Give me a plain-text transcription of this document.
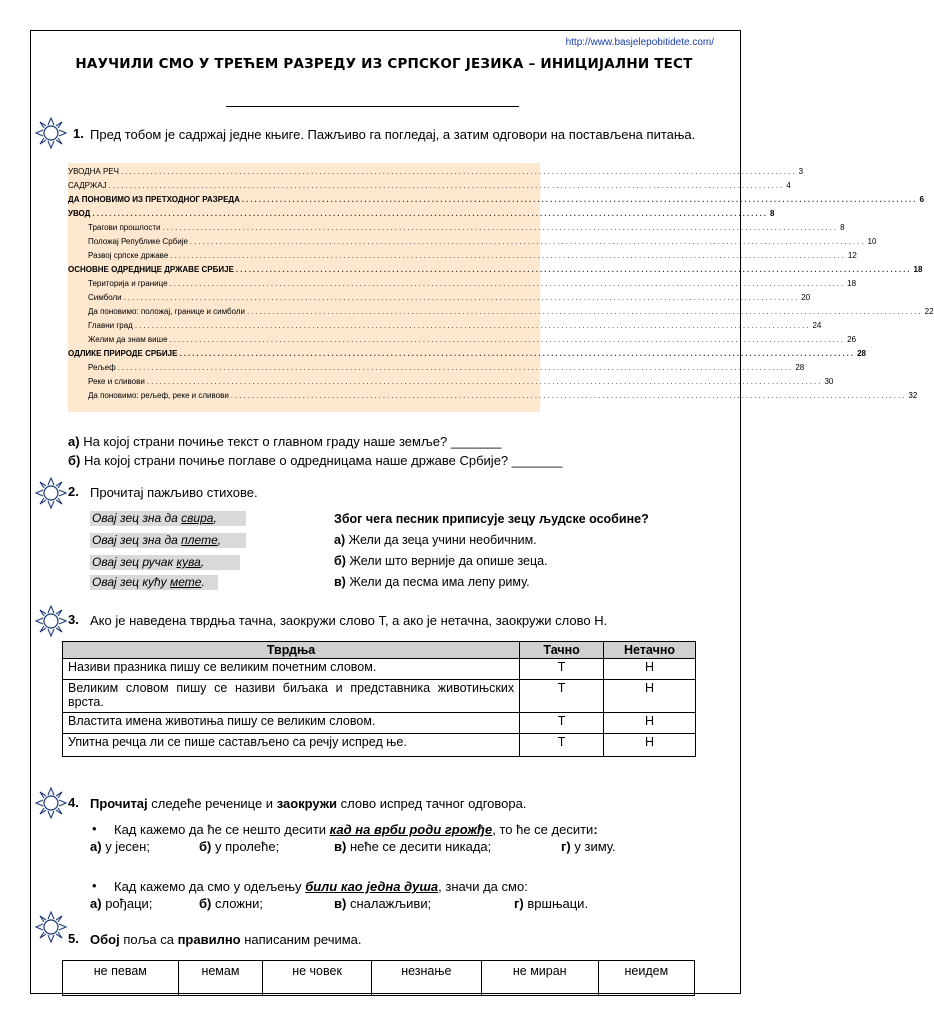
http://www.basjelepobitidete.com/
НАУЧИЛИ СМО У ТРЕЋЕМ РАЗРЕДУ ИЗ СРПСКОГ ЈЕЗИКА – ИНИЦИЈАЛНИ ТЕСТ
1. Пред тобом је садржај једне књиге. Пажљиво га погледај, а затим одговори на постављена питања.
УВОДНА РЕЧ ................................................................................................................................................................ 3
САДРЖАЈ ................................................................................................................................................................ 4
ДА ПОНОВИМО ИЗ ПРЕТХОДНОГ РАЗРЕДА ................................................................................................................................................................ 6
УВОД ................................................................................................................................................................ 8
Трагови прошлости ................................................................................................................................................................ 8
Положај Републике Србије ................................................................................................................................................................ 10
Развој српске државе ................................................................................................................................................................ 12
ОСНОВНЕ ОДРЕДНИЦЕ ДРЖАВЕ СРБИЈЕ ................................................................................................................................................................ 18
Територија и границе ................................................................................................................................................................ 18
Симболи ................................................................................................................................................................ 20
Да поновимо: положај, границе и симболи ................................................................................................................................................................ 22
Главни град ................................................................................................................................................................ 24
Желим да знам више ................................................................................................................................................................ 26
ОДЛИКЕ ПРИРОДЕ СРБИЈЕ ................................................................................................................................................................ 28
Рељеф ................................................................................................................................................................ 28
Реке и сливови ................................................................................................................................................................ 30
Да поновимо: рељеф, реке и сливови ................................................................................................................................................................ 32
а) На којој страни почиње текст о главном граду наше земље? _______
б) На којој страни почиње поглаве о одредницама наше државе Србије? _______
2. Прочитај пажљиво стихове.
Овај зец зна да свира,
Овај зец зна да плете,
Овај зец ручак кува,
Овај зец кућу мете.
Због чега песник приписује зецу људске особине?
а) Жели да зеца учини необичним.
б) Жели што верније да опише зеца.
в) Жели да песма има лепу риму.
3. Ако је наведена тврдња тачна, заокружи слово Т, а ако је нетачна, заокружи слово Н.
Тврдња	Тачно	Нетачно
Називи празника пишу се великим почетним словом.	Т	Н
Великим словом пишу се називи биљака и представника животињских врста.	Т	Н
Властита имена животиња пишу се великим словом.	Т	Н
Упитна речца ли се пише састављено са речју испред ње.	Т	Н
4. Прочитај следеће реченице и заокружи слово испред тачног одговора.
• Кад кажемо да ће се нешто десити кад на врби роди грожђе, то ће се десити:
а) у јесен;	б) у пролеће;	в) неће се десити никада;	г) у зиму.
• Кад кажемо да смо у одељењу били као једна душа, значи да смо:
а) рођаци;	б) сложни;	в) сналажљиви;	г) вршњаци.
5. Обој поља са правилно написаним речима.
не певам	немам	не човек	незнање	не миран	неидем
